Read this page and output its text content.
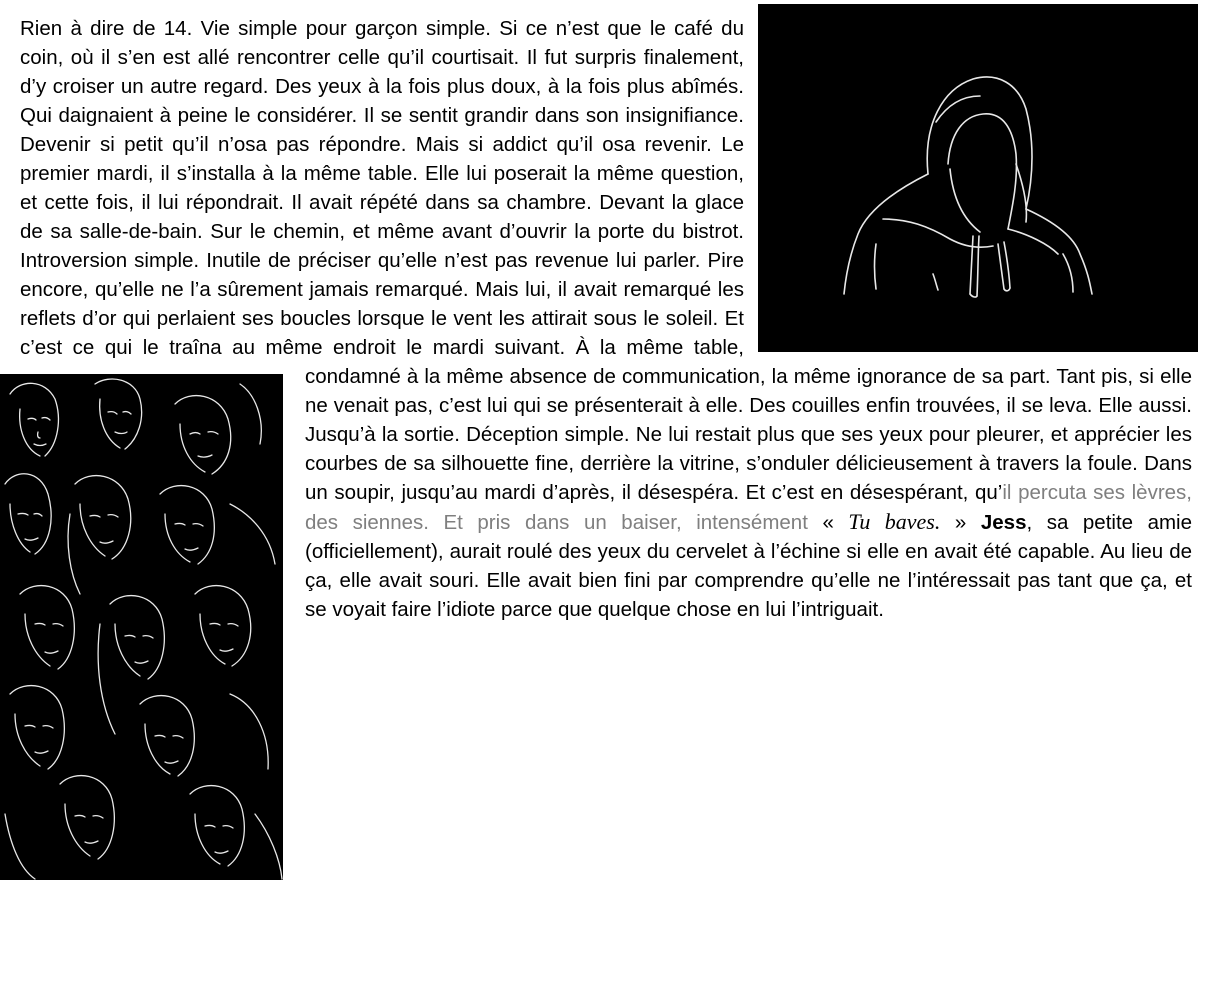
Rien à dire de 14. Vie simple pour garçon simple. Si ce n’est que le café du coin, où il s’en est allé rencontrer celle qu’il courtisait. Il fut surpris finalement, d’y croiser un autre regard. Des yeux à la fois plus doux, à la fois plus abîmés. Qui daignaient à peine le considérer. Il se sentit grandir dans son insignifiance. Devenir si petit qu’il n’osa pas répondre. Mais si addict qu’il osa revenir. Le premier mardi, il s’installa à la même table. Elle lui poserait la même question, et cette fois, il lui répondrait. Il avait répété dans sa chambre. Devant la glace de sa salle-de-bain. Sur le chemin, et même avant d’ouvrir la porte du bistrot. Introversion simple. Inutile de préciser qu’elle n’est pas revenue lui parler. Pire encore, qu’elle ne l’a sûrement jamais remarqué. Mais lui, il avait remarqué les reflets d’or qui perlaient ses boucles lorsque le vent les attirait sous le soleil. Et c’est ce qui le traîna au même endroit le mardi suivant. À la même table, condamné à la même absence de communication, la même ignorance de sa part. Tant pis, si elle ne venait pas, c’est lui qui se présenterait à elle. Des couilles enfin trouvées, il se leva. Elle aussi. Jusqu’à la sortie. Déception simple. Ne lui restait plus que ses yeux pour pleurer, et apprécier les courbes de sa silhouette fine, derrière la vitrine, s’onduler délicieusement à travers la foule. Dans un soupir, jusqu’au mardi d’après, il désespéra. Et c’est en désespérant, qu’il percuta ses lèvres, des siennes. Et pris dans un baiser, intensément « Tu baves. » Jess, sa petite amie (officiellement), aurait roulé des yeux du cervelet à l’échine si elle en avait été capable. Au lieu de ça, elle avait souri. Elle avait bien fini par comprendre qu’elle ne l’intéressait pas tant que ça, et se voyait faire l’idiote parce que quelque chose en lui l’intriguait.
